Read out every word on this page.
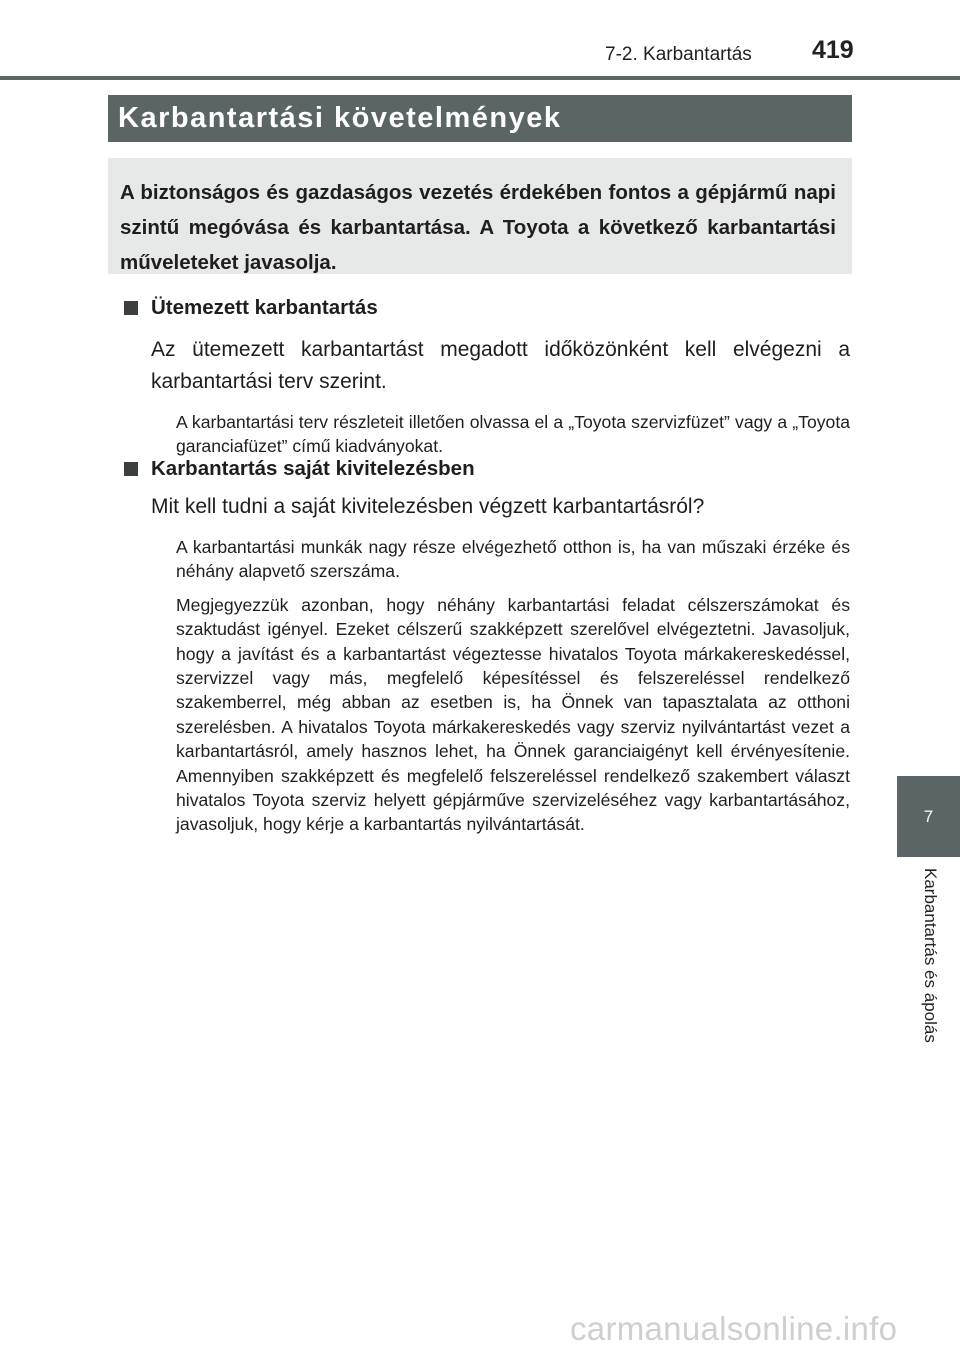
7-2. Karbantartás 419
Karbantartási követelmények
A biztonságos és gazdaságos vezetés érdekében fontos a gépjármű napi szintű megóvása és karbantartása. A Toyota a következő karbantartási műveleteket javasolja.
Ütemezett karbantartás
Az ütemezett karbantartást megadott időközönként kell elvégezni a karbantartási terv szerint.
A karbantartási terv részleteit illetően olvassa el a „Toyota szervizfüzet” vagy a „Toyota garanciafüzet” című kiadványokat.
Karbantartás saját kivitelezésben
Mit kell tudni a saját kivitelezésben végzett karbantartásról?
A karbantartási munkák nagy része elvégezhető otthon is, ha van műszaki érzéke és néhány alapvető szerszáma.
Megjegyezzük azonban, hogy néhány karbantartási feladat célszerszámokat és szaktudást igényel. Ezeket célszerű szakképzett szerelővel elvégeztetni. Javasoljuk, hogy a javítást és a karbantartást végeztesse hivatalos Toyota márkakereskedéssel, szervizzel vagy más, megfelelő képesítéssel és felszereléssel rendelkező szakemberrel, még abban az esetben is, ha Önnek van tapasztalata az otthoni szerelésben. A hivatalos Toyota márkakereskedés vagy szerviz nyilvántartást vezet a karbantartásról, amely hasznos lehet, ha Önnek garanciaigényt kell érvényesítenie. Amennyiben szakképzett és megfelelő felszereléssel rendelkező szakembert választ hivatalos Toyota szerviz helyett gépjárműve szervizeléséhez vagy karbantartásához, javasoljuk, hogy kérje a karbantartás nyilvántartását.	7
Karbantartás és ápolás
carmanualsonline.info
